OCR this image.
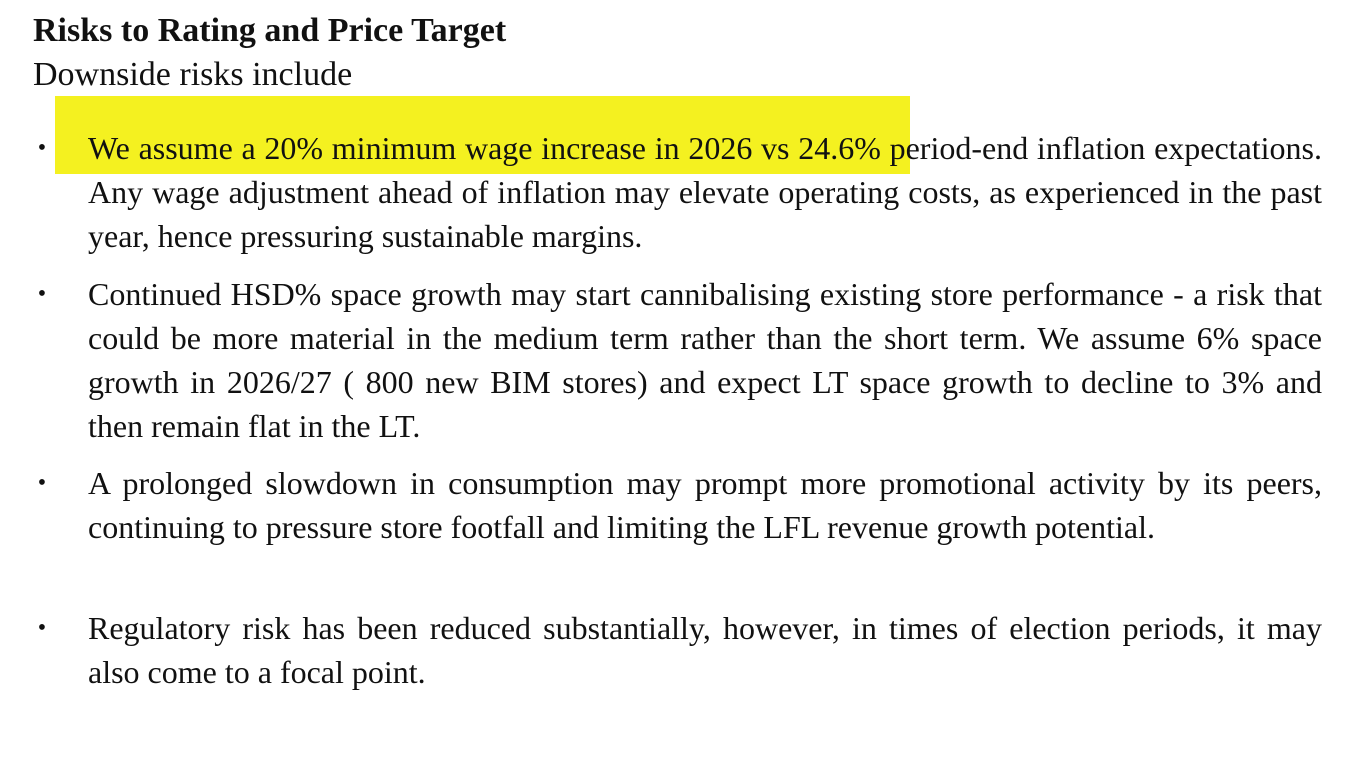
Risks to Rating and Price Target
Downside risks include
• We assume a 20% minimum wage increase in 2026 vs 24.6% period-end inflation expectations. Any wage adjustment ahead of inflation may elevate operating costs, as experienced in the past year, hence pressuring sustainable margins.
• Continued HSD% space growth may start cannibalising existing store performance - a risk that could be more material in the medium term rather than the short term. We assume 6% space growth in 2026/27 ( 800 new BIM stores) and expect LT space growth to decline to 3% and then remain flat in the LT.
• A prolonged slowdown in consumption may prompt more promotional activity by its peers, continuing to pressure store footfall and limiting the LFL revenue growth potential.
• Regulatory risk has been reduced substantially, however, in times of election periods, it may also come to a focal point.
